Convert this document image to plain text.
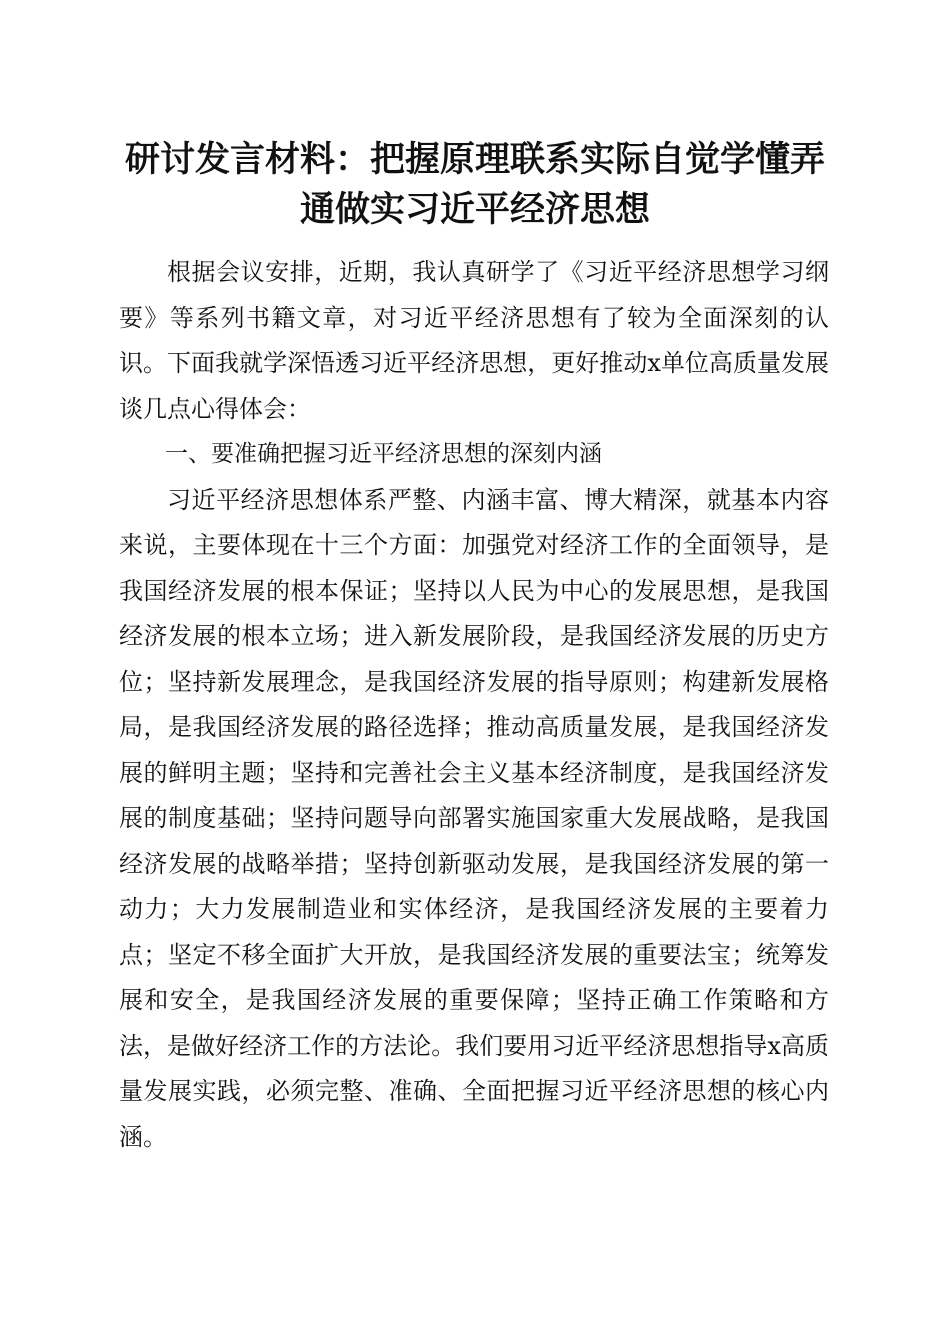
研讨发言材料：把握原理联系实际自觉学懂弄
通做实习近平经济思想

根据会议安排，近期，我认真研学了《习近平经济思想学习纲要》等系列书籍文章，对习近平经济思想有了较为全面深刻的认识。下面我就学深悟透习近平经济思想，更好推动x单位高质量发展谈几点心得体会：

一、要准确把握习近平经济思想的深刻内涵

习近平经济思想体系严整、内涵丰富、博大精深，就基本内容来说，主要体现在十三个方面：加强党对经济工作的全面领导，是我国经济发展的根本保证；坚持以人民为中心的发展思想，是我国经济发展的根本立场；进入新发展阶段，是我国经济发展的历史方位；坚持新发展理念，是我国经济发展的指导原则；构建新发展格局，是我国经济发展的路径选择；推动高质量发展，是我国经济发展的鲜明主题；坚持和完善社会主义基本经济制度，是我国经济发展的制度基础；坚持问题导向部署实施国家重大发展战略，是我国经济发展的战略举措；坚持创新驱动发展，是我国经济发展的第一动力；大力发展制造业和实体经济，是我国经济发展的主要着力点；坚定不移全面扩大开放，是我国经济发展的重要法宝；统筹发展和安全，是我国经济发展的重要保障；坚持正确工作策略和方法，是做好经济工作的方法论。我们要用习近平经济思想指导x高质量发展实践，必须完整、准确、全面把握习近平经济思想的核心内涵。
